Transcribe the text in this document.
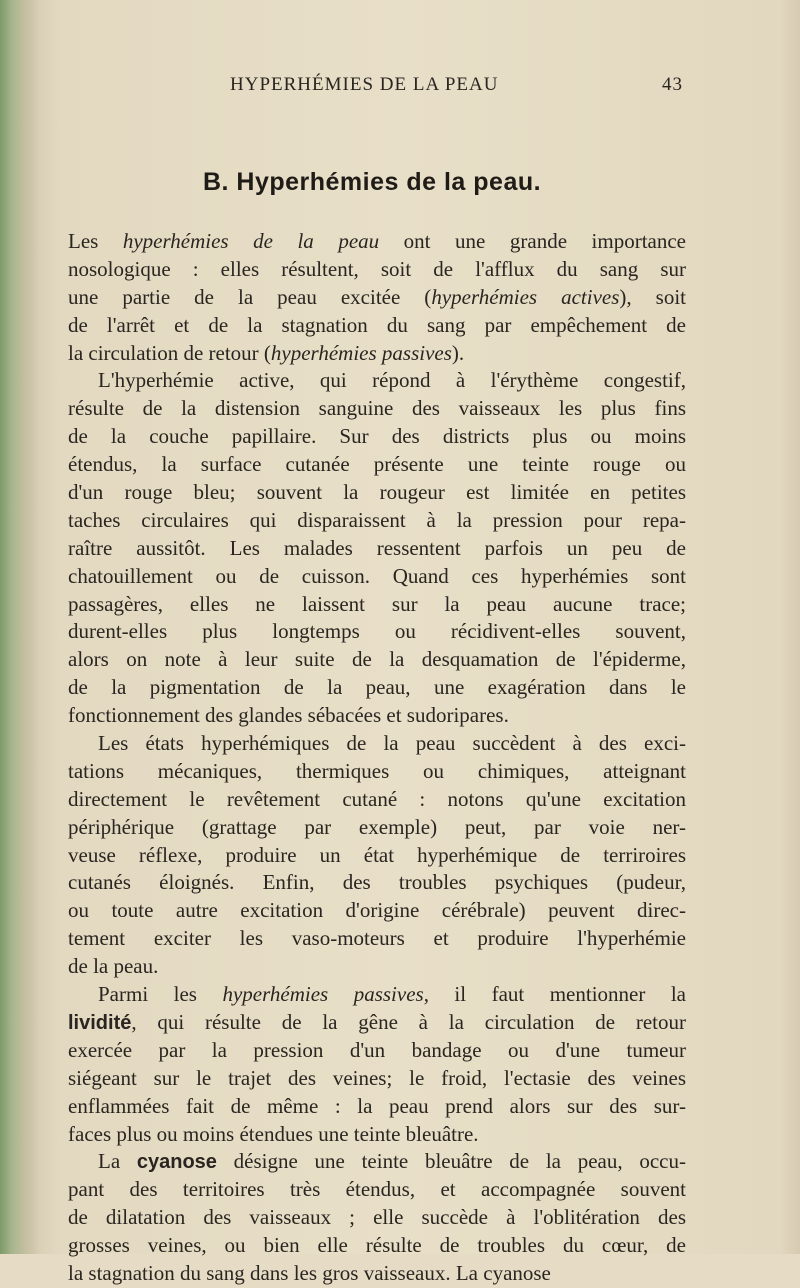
HYPERHÉMIES DE LA PEAU	43
B. Hyperhémies de la peau.
Les hyperhémies de la peau ont une grande importance
nosologique : elles résultent, soit de l'afflux du sang sur
une partie de la peau excitée (hyperhémies actives), soit
de l'arrêt et de la stagnation du sang par empêchement de
la circulation de retour (hyperhémies passives).
L'hyperhémie active, qui répond à l'érythème congestif,
résulte de la distension sanguine des vaisseaux les plus fins
de la couche papillaire. Sur des districts plus ou moins
étendus, la surface cutanée présente une teinte rouge ou
d'un rouge bleu; souvent la rougeur est limitée en petites
taches circulaires qui disparaissent à la pression pour repa-
raître aussitôt. Les malades ressentent parfois un peu de
chatouillement ou de cuisson. Quand ces hyperhémies sont
passagères, elles ne laissent sur la peau aucune trace;
durent-elles plus longtemps ou récidivent-elles souvent,
alors on note à leur suite de la desquamation de l'épiderme,
de la pigmentation de la peau, une exagération dans le
fonctionnement des glandes sébacées et sudoripares.
Les états hyperhémiques de la peau succèdent à des exci-
tations mécaniques, thermiques ou chimiques, atteignant
directement le revêtement cutané : notons qu'une excitation
périphérique (grattage par exemple) peut, par voie ner-
veuse réflexe, produire un état hyperhémique de terriroires
cutanés éloignés. Enfin, des troubles psychiques (pudeur,
ou toute autre excitation d'origine cérébrale) peuvent direc-
tement exciter les vaso-moteurs et produire l'hyperhémie
de la peau.
Parmi les hyperhémies passives, il faut mentionner la
lividité, qui résulte de la gêne à la circulation de retour
exercée par la pression d'un bandage ou d'une tumeur
siégeant sur le trajet des veines; le froid, l'ectasie des veines
enflammées fait de même : la peau prend alors sur des sur-
faces plus ou moins étendues une teinte bleuâtre.
La cyanose désigne une teinte bleuâtre de la peau, occu-
pant des territoires très étendus, et accompagnée souvent
de dilatation des vaisseaux ; elle succède à l'oblitération des
grosses veines, ou bien elle résulte de troubles du cœur, de
la stagnation du sang dans les gros vaisseaux. La cyanose
